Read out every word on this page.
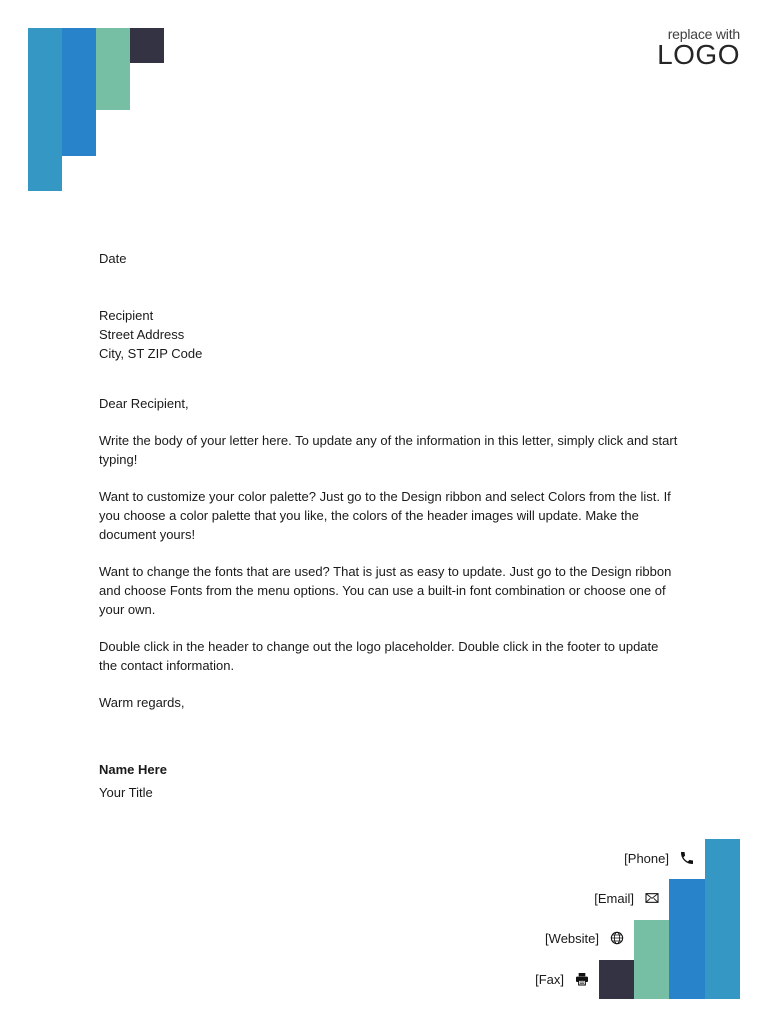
replace with
LOGO

Date

Recipient

Street Address

City, ST ZIP Code

Dear Recipient,

Write the body of your letter here. To update any of the information in this letter, simply click and start typing!

Want to customize your color palette? Just go to the Design ribbon and select Colors from the list. If you choose a color palette that you like, the colors of the header images will update. Make the document yours!

Want to change the fonts that are used? That is just as easy to update. Just go to the Design ribbon and choose Fonts from the menu options. You can use a built-in font combination or choose one of your own.

Double click in the header to change out the logo placeholder. Double click in the footer to update the contact information.

Warm regards,

Name Here

Your Title

[Phone]
[Email]
[Website]
[Fax]
